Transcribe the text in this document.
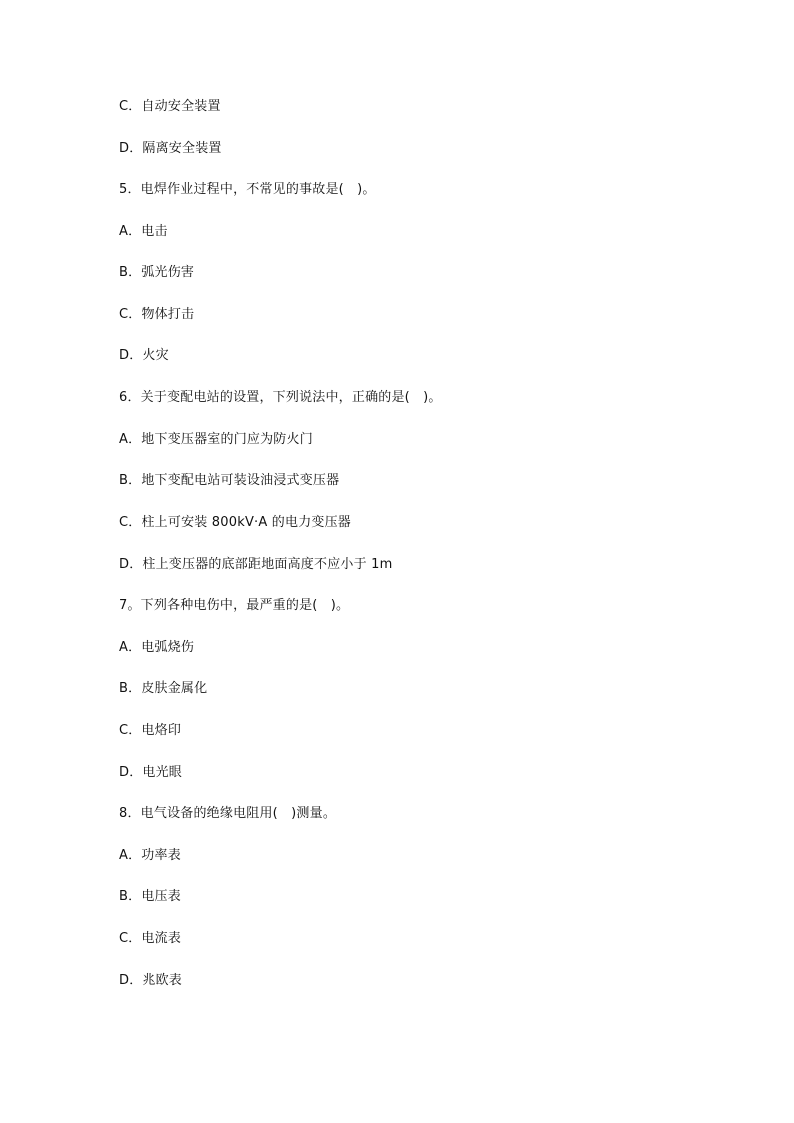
C．自动安全装置
D．隔离安全装置
5．电焊作业过程中，不常见的事故是(　)。
A．电击
B．弧光伤害
C．物体打击
D．火灾
6．关于变配电站的设置，下列说法中，正确的是(　)。
A．地下变压器室的门应为防火门
B．地下变配电站可装设油浸式变压器
C．柱上可安装 800kV·A 的电力变压器
D．柱上变压器的底部距地面高度不应小于 1m
7。下列各种电伤中，最严重的是(　)。
A．电弧烧伤
B．皮肤金属化
C．电烙印
D．电光眼
8．电气设备的绝缘电阻用(　)测量。
A．功率表
B．电压表
C．电流表
D．兆欧表
